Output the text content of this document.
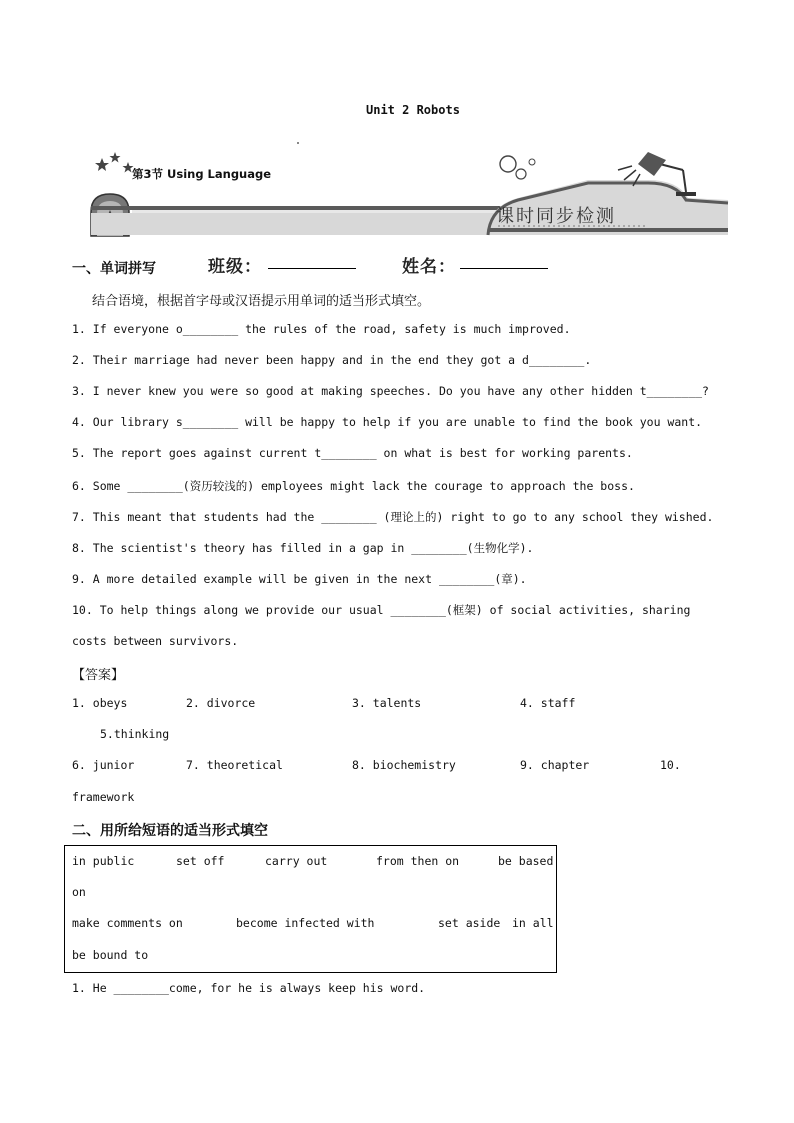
Unit 2 Robots
第3节 Using Language
课时同步检测
一、单词拼写	班级：	姓名：
结合语境，根据首字母或汉语提示用单词的适当形式填空。
1. If everyone o________ the rules of the road, safety is much improved.
2. Their marriage had never been happy and in the end they got a d________.
3. I never knew you were so good at making speeches. Do you have any other hidden t________?
4. Our library s________ will be happy to help if you are unable to find the book you want.
5. The report goes against current t________ on what is best for working parents.
6. Some ________(资历较浅的) employees might lack the courage to approach the boss.
7. This meant that students had the ________ (理论上的) right to go to any school they wished.
8. The scientist's theory has filled in a gap in ________(生物化学).
9. A more detailed example will be given in the next ________(章).
10. To help things along we provide our usual ________(框架) of social activities, sharing
costs between survivors.
【答案】
1. obeys	2. divorce	3. talents	4. staff
5.thinking
6. junior	7. theoretical	8. biochemistry	9. chapter	10.
framework
二、用所给短语的适当形式填空
in public	set off	carry out	from then on	be based
on
make comments on	become infected with	set aside in all
be bound to
1. He ________come, for he is always keep his word.
